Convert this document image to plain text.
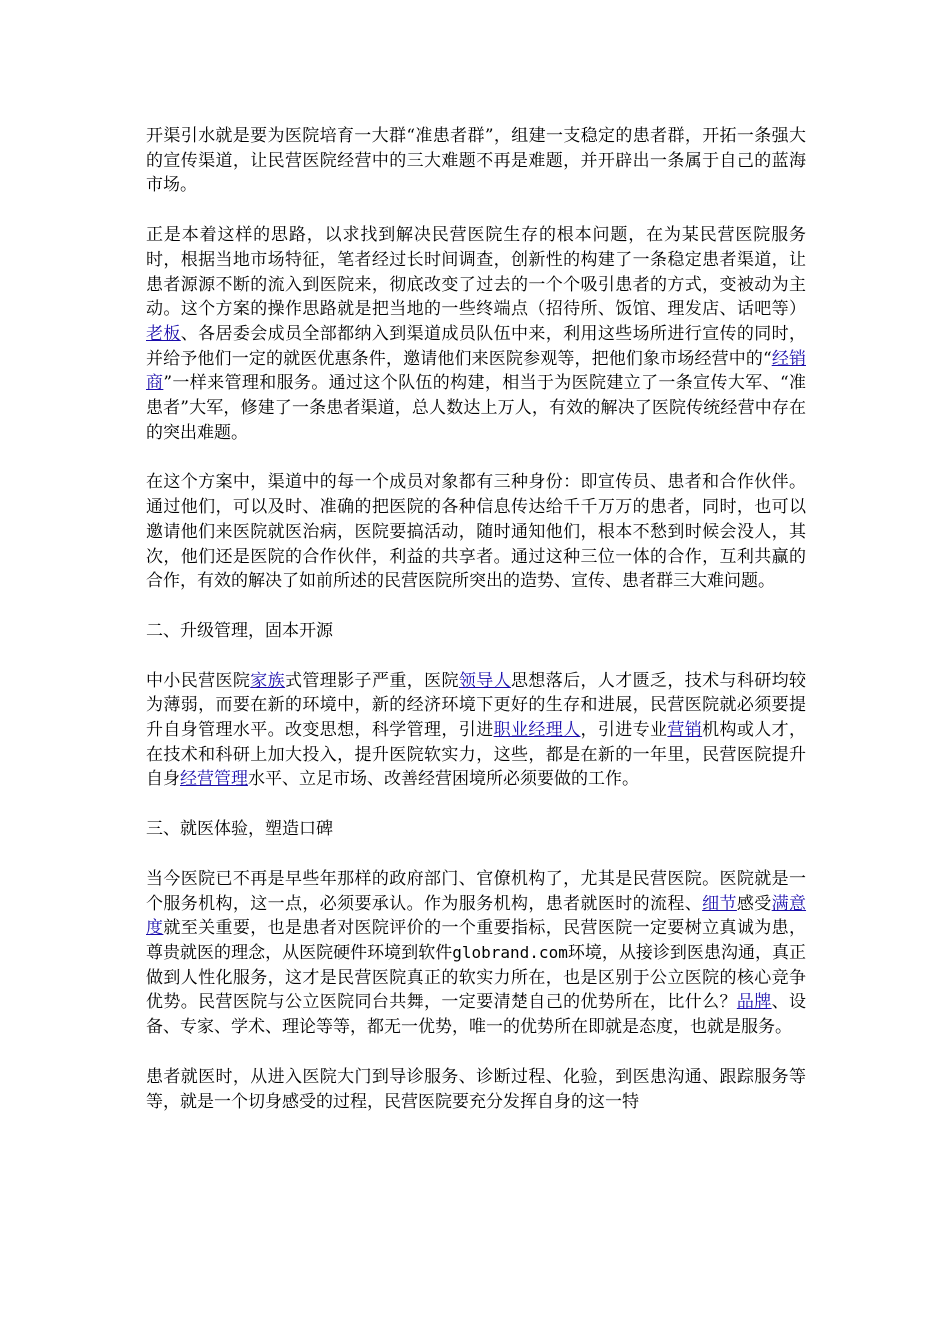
开渠引水就是要为医院培育一大群“准患者群”，组建一支稳定的患者群，开拓一条强大的宣传渠道，让民营医院经营中的三大难题不再是难题，并开辟出一条属于自己的蓝海市场。

正是本着这样的思路，以求找到解决民营医院生存的根本问题，在为某民营医院服务时，根据当地市场特征，笔者经过长时间调查，创新性的构建了一条稳定患者渠道，让患者源源不断的流入到医院来，彻底改变了过去的一个个吸引患者的方式，变被动为主动。这个方案的操作思路就是把当地的一些终端点（招待所、饭馆、理发店、话吧等）老板、各居委会成员全部都纳入到渠道成员队伍中来，利用这些场所进行宣传的同时，并给予他们一定的就医优惠条件，邀请他们来医院参观等，把他们象市场经营中的“经销商”一样来管理和服务。通过这个队伍的构建，相当于为医院建立了一条宣传大军、“准患者”大军，修建了一条患者渠道，总人数达上万人，有效的解决了医院传统经营中存在的突出难题。

在这个方案中，渠道中的每一个成员对象都有三种身份：即宣传员、患者和合作伙伴。通过他们，可以及时、准确的把医院的各种信息传达给千千万万的患者，同时，也可以邀请他们来医院就医治病，医院要搞活动，随时通知他们，根本不愁到时候会没人，其次，他们还是医院的合作伙伴，利益的共享者。通过这种三位一体的合作，互利共赢的合作，有效的解决了如前所述的民营医院所突出的造势、宣传、患者群三大难问题。

二、升级管理，固本开源

中小民营医院家族式管理影子严重，医院领导人思想落后，人才匮乏，技术与科研均较为薄弱，而要在新的环境中，新的经济环境下更好的生存和进展，民营医院就必须要提升自身管理水平。改变思想，科学管理，引进职业经理人，引进专业营销机构或人才，在技术和科研上加大投入，提升医院软实力，这些，都是在新的一年里，民营医院提升自身经营管理水平、立足市场、改善经营困境所必须要做的工作。

三、就医体验，塑造口碑

当今医院已不再是早些年那样的政府部门、官僚机构了，尤其是民营医院。医院就是一个服务机构，这一点，必须要承认。作为服务机构，患者就医时的流程、细节感受满意度就至关重要，也是患者对医院评价的一个重要指标，民营医院一定要树立真诚为患，尊贵就医的理念，从医院硬件环境到软件globrand.com环境，从接诊到医患沟通，真正做到人性化服务，这才是民营医院真正的软实力所在，也是区别于公立医院的核心竞争优势。民营医院与公立医院同台共舞，一定要清楚自己的优势所在，比什么？品牌、设备、专家、学术、理论等等，都无一优势，唯一的优势所在即就是态度，也就是服务。

患者就医时，从进入医院大门到导诊服务、诊断过程、化验，到医患沟通、跟踪服务等等，就是一个切身感受的过程，民营医院要充分发挥自身的这一特
